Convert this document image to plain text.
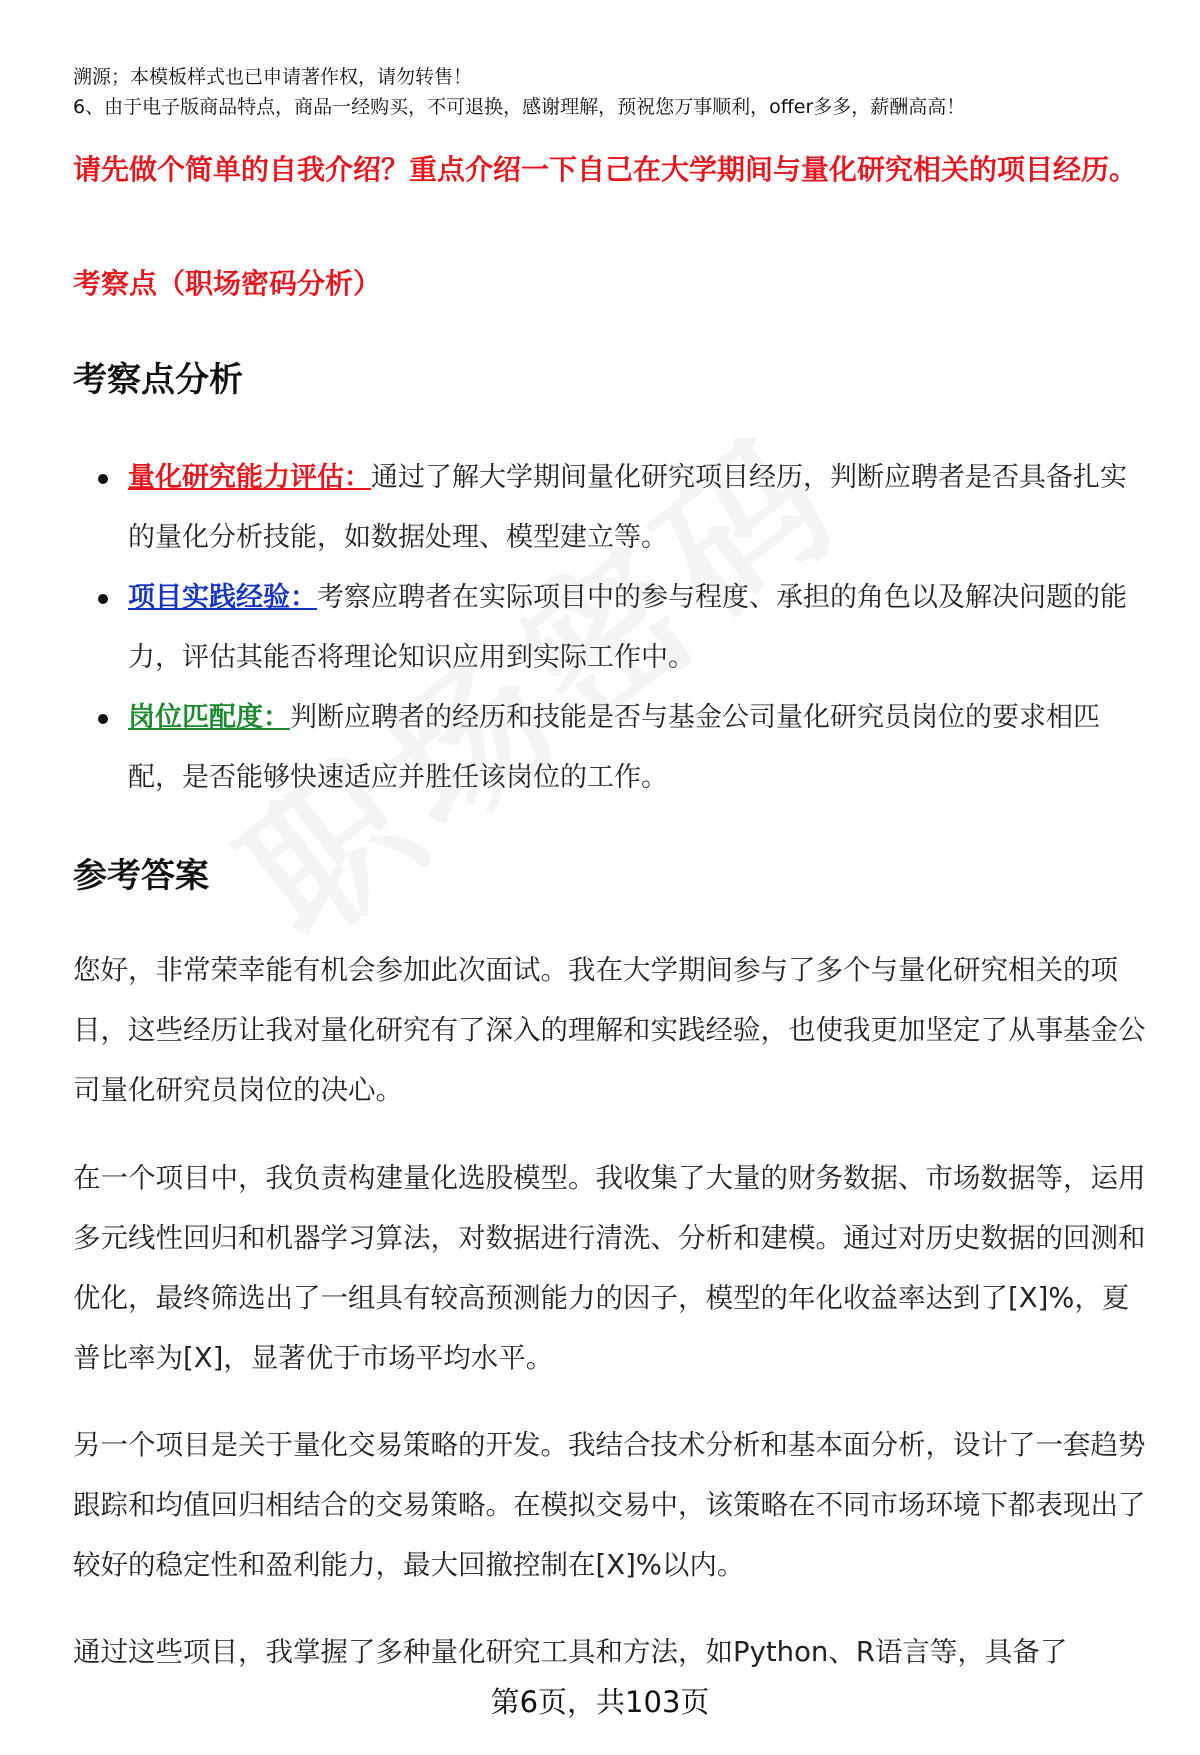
溯源；本模板样式也已申请著作权，请勿转售！
6、由于电子版商品特点，商品一经购买，不可退换，感谢理解，预祝您万事顺利，offer多多，薪酬高高！
请先做个简单的自我介绍？重点介绍一下自己在大学期间与量化研究相关的项目经历。
考察点（职场密码分析）
考察点分析
量化研究能力评估：通过了解大学期间量化研究项目经历，判断应聘者是否具备扎实的量化分析技能，如数据处理、模型建立等。
项目实践经验：考察应聘者在实际项目中的参与程度、承担的角色以及解决问题的能力，评估其能否将理论知识应用到实际工作中。
岗位匹配度：判断应聘者的经历和技能是否与基金公司量化研究员岗位的要求相匹配，是否能够快速适应并胜任该岗位的工作。
参考答案
您好，非常荣幸能有机会参加此次面试。我在大学期间参与了多个与量化研究相关的项目，这些经历让我对量化研究有了深入的理解和实践经验，也使我更加坚定了从事基金公司量化研究员岗位的决心。
在一个项目中，我负责构建量化选股模型。我收集了大量的财务数据、市场数据等，运用多元线性回归和机器学习算法，对数据进行清洗、分析和建模。通过对历史数据的回测和优化，最终筛选出了一组具有较高预测能力的因子，模型的年化收益率达到了[X]%，夏普比率为[X]，显著优于市场平均水平。
另一个项目是关于量化交易策略的开发。我结合技术分析和基本面分析，设计了一套趋势跟踪和均值回归相结合的交易策略。在模拟交易中，该策略在不同市场环境下都表现出了较好的稳定性和盈利能力，最大回撤控制在[X]%以内。
通过这些项目，我掌握了多种量化研究工具和方法，如Python、R语言等，具备了
第6页，共103页
